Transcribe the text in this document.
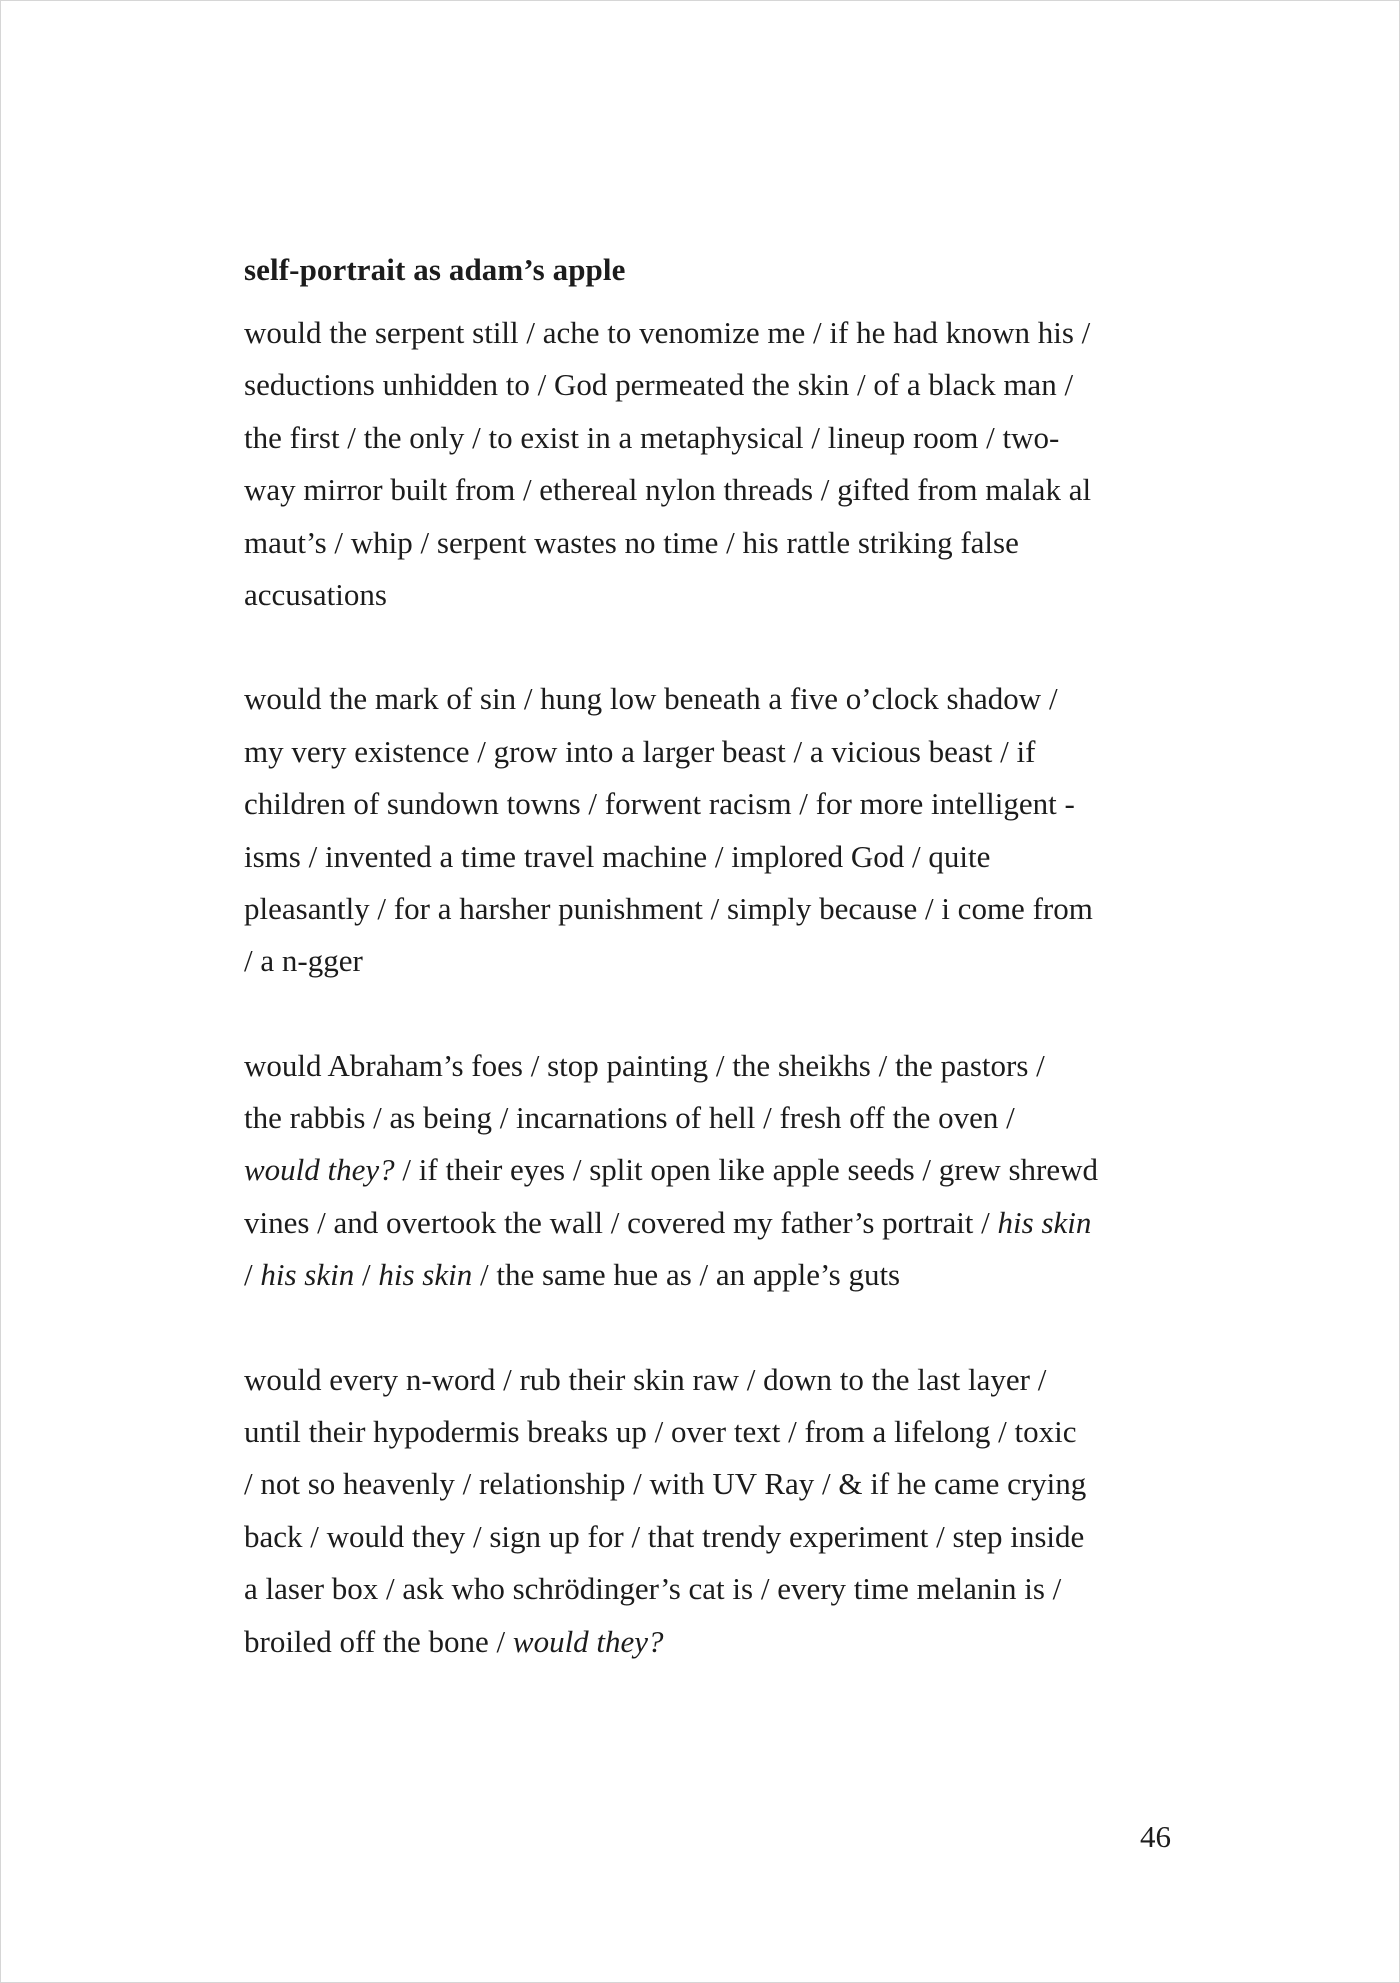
self-portrait as adam’s apple

would the serpent still / ache to venomize me / if he had known his /
seductions unhidden to / God permeated the skin / of a black man /
the first / the only / to exist in a metaphysical / lineup room / two-
way mirror built from / ethereal nylon threads / gifted from malak al
maut’s / whip / serpent wastes no time / his rattle striking false
accusations

would the mark of sin / hung low beneath a five o’clock shadow /
my very existence / grow into a larger beast / a vicious beast / if
children of sundown towns / forwent racism / for more intelligent -
isms / invented a time travel machine / implored God / quite
pleasantly / for a harsher punishment / simply because / i come from
/ a n-gger

would Abraham’s foes / stop painting / the sheikhs / the pastors /
the rabbis / as being / incarnations of hell / fresh off the oven /
would they? / if their eyes / split open like apple seeds / grew shrewd
vines / and overtook the wall / covered my father’s portrait / his skin
/ his skin / his skin / the same hue as / an apple’s guts

would every n-word / rub their skin raw / down to the last layer /
until their hypodermis breaks up / over text / from a lifelong / toxic
/ not so heavenly / relationship / with UV Ray / & if he came crying
back / would they / sign up for / that trendy experiment / step inside
a laser box / ask who schrödinger’s cat is / every time melanin is /
broiled off the bone / would they?

46
